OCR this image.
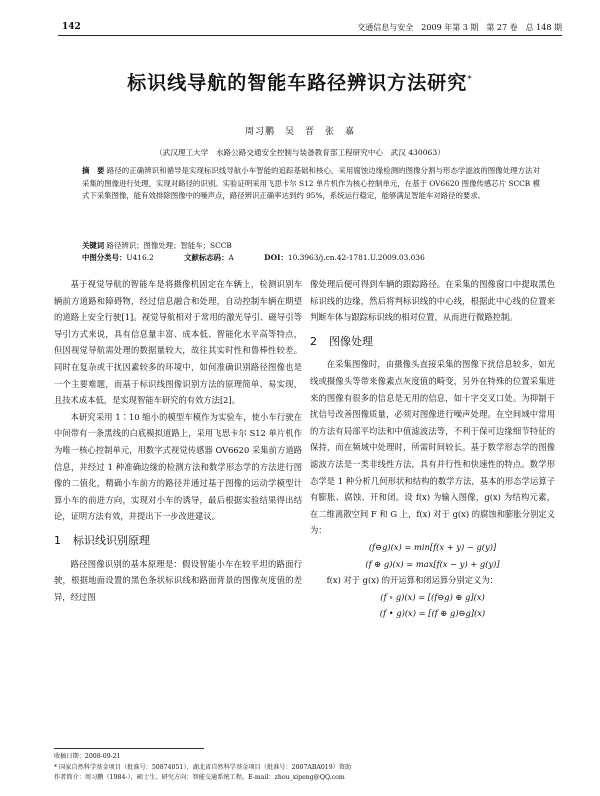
142	交通信息与安全　2009 年第 3 期　第 27 卷　总 148 期
标识线导航的智能车路径辨识方法研究*
周习鹏　吴　晋　张　嘉
（武汉理工大学　水路公路交通安全控制与装备教育部工程研究中心　武汉 430063）
摘　要 路径的正确辨识和循导是实现标识线导航小车智能的追踪基础和核心，采用腐蚀边缘检测的图像分割与形态学滤波的图像处理方法对采集的图像进行处理，实现对路径的识别。实验证明采用飞思卡尔 S12 单片机作为核心控制单元，在基于 OV6620 图像传感芯片 SCCB 模式下采集图像，能有效排除图像中的噪声点，路径辨识正确率达到约 95%，系统运行稳定，能够满足智能车对路径的要求。
关键词 路径辨识；图像处理；智能车；SCCB
中图分类号：U416.2	文献标志码：A	DOI：10.3963/j.cn.42-1781.U.2009.03.036

基于视觉导航的智能车是将摄像机固定在车辆上，检测识别车辆前方道路和障碍物，经过信息融合和处理，自动控制车辆在期望的道路上安全行驶[1]。视觉导航相对于常用的激光导引、磁导引等导引方式来说，具有信息量丰富、成本低、智能化水平高等特点，但因视觉导航需处理的数据量较大，故往其实时性和鲁棒性较差。同时在复杂或干扰因素较多的环境中，如何准确识别路径图像也是一个主要难题，而基于标识线图像识别方法的原理简单、易实现，且技术成本低，是实现智能车研究的有效方法[2]。

本研究采用 1∶10 缩小的模型车模作为实验车，使小车行驶在中间带有一条黑线的白底模拟道路上，采用飞思卡尔 S12 单片机作为唯一核心控制单元，用数字式视觉传感器 OV6620 采集前方道路信息，并经过 1 种准确边缘的检测方法和数学形态学的方法进行图像的二值化，精确小车前方的路径并通过基于图像的运动学模型计算小车的前进方向，实现对小车的诱导，最后根据实验结果得出结论，证明方法有效，并提出下一步改进建议。

1 标识线识别原理

路径图像识别的基本原理是：假设智能小车在较平坦的路面行驶，根据地面设置的黑色条状标识线和路面背景的图像灰度值的差异，经过图

像处理后便可得到车辆的跟踪路径。在采集的图像窗口中提取黑色标识线的边缘，然后将判标识线的中心线，根据此中心线的位置来判断车体与跟踪标识线的相对位置，从而进行微路控制。

2 图像处理

在采集图像时，由摄像头直接采集的图像下扰信息较多，如光线或摄像头等带来像素点灰度值的畸变，另外在特殊的位置采集进来的图像有很多的信息是无用的信息，如十字交叉口处。为抑制干扰信号改善图像质量，必须对图像进行噪声处理。在空间域中常用的方法有局部平均法和中值滤波法等，不利于保可边缘细节特征的保持，而在频域中处理时，所需时间较长。基于数学形态学的图像滤波方法是一类非线性方法，具有并行性和快速性的特点。数学形态学是 1 种分析几何形状和结构的数学方法，基本的形态学运算子有膨胀、腐蚀、开和闭。设 f(x) 为输入图像，g(x) 为结构元素，在二维离散空间 F 和 G 上，f(x) 对于 g(x) 的腐蚀和膨胀分别定义为：

(f⊖g)(x) = min[f(x + y) − g(y)]
(f ⊕ g)(x) = max[f(x − y) + g(y)]

f(x) 对于 g(x) 的开运算和闭运算分别定义为：

(f ∘ g)(x) = [(f⊖g) ⊕ g](x)
(f • g)(x) = [(f ⊕ g)⊖g](x)
收稿日期：2008-09-21
* 国家自然科学基金项目（批准号：50874051）、湖北省自然科学基金项目（批准号：2007ABA019）资助
作者简介：周习鹏（1984-），硕士生。研究方向：智能交通系统工程。E-mail：zhou_xipeng@QQ.com
